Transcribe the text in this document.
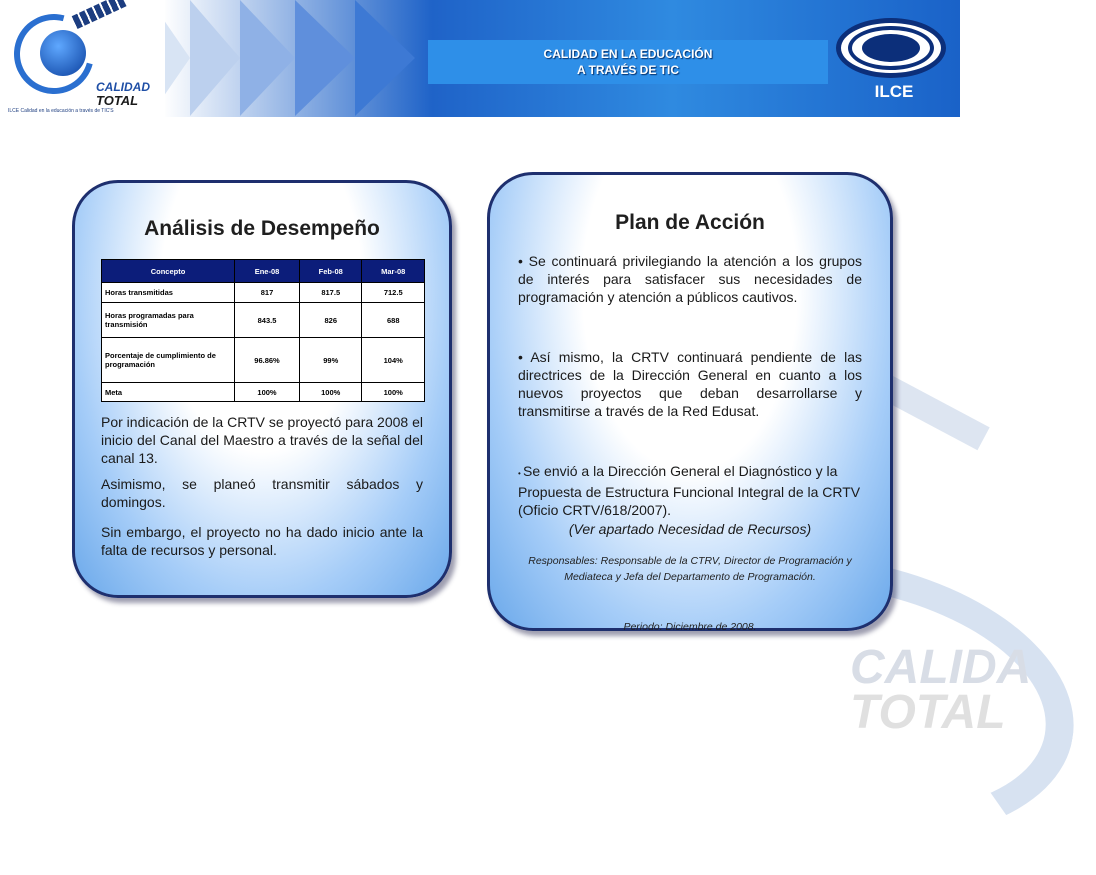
CALIDAD
TOTAL
ILCE Calidad en la educación a través de TIC'S
CALIDAD EN LA EDUCACIÓN
A TRAVÉS DE TIC
ILCE
CALIDA
TOTAL
Análisis de Desempeño
Concepto	Ene-08	Feb-08	Mar-08
Horas transmitidas	817	817.5	712.5
Horas programadas para transmisión	843.5	826	688
Porcentaje de cumplimiento de programación	96.86%	99%	104%
Meta	100%	100%	100%
Por indicación de la CRTV se proyectó para 2008 el inicio del Canal del Maestro a través de la señal del canal 13.
Asimismo, se planeó transmitir sábados y domingos.
Sin embargo, el proyecto no ha dado inicio ante la falta de recursos y personal.
Plan de Acción
• Se continuará privilegiando la atención a los grupos de interés para satisfacer sus necesidades de programación y atención a públicos cautivos.
• Así mismo, la CRTV continuará pendiente de las directrices de la Dirección General en cuanto a los nuevos proyectos que deban desarrollarse y transmitirse a través de la Red Edusat.
• Se envió a la Dirección General el Diagnóstico y la Propuesta de Estructura Funcional Integral de la CRTV (Oficio CRTV/618/2007).
(Ver apartado Necesidad de Recursos)
Responsables: Responsable de la CTRV, Director de Programación y Mediateca y Jefa del Departamento de Programación.
Periodo: Diciembre de 2008.
